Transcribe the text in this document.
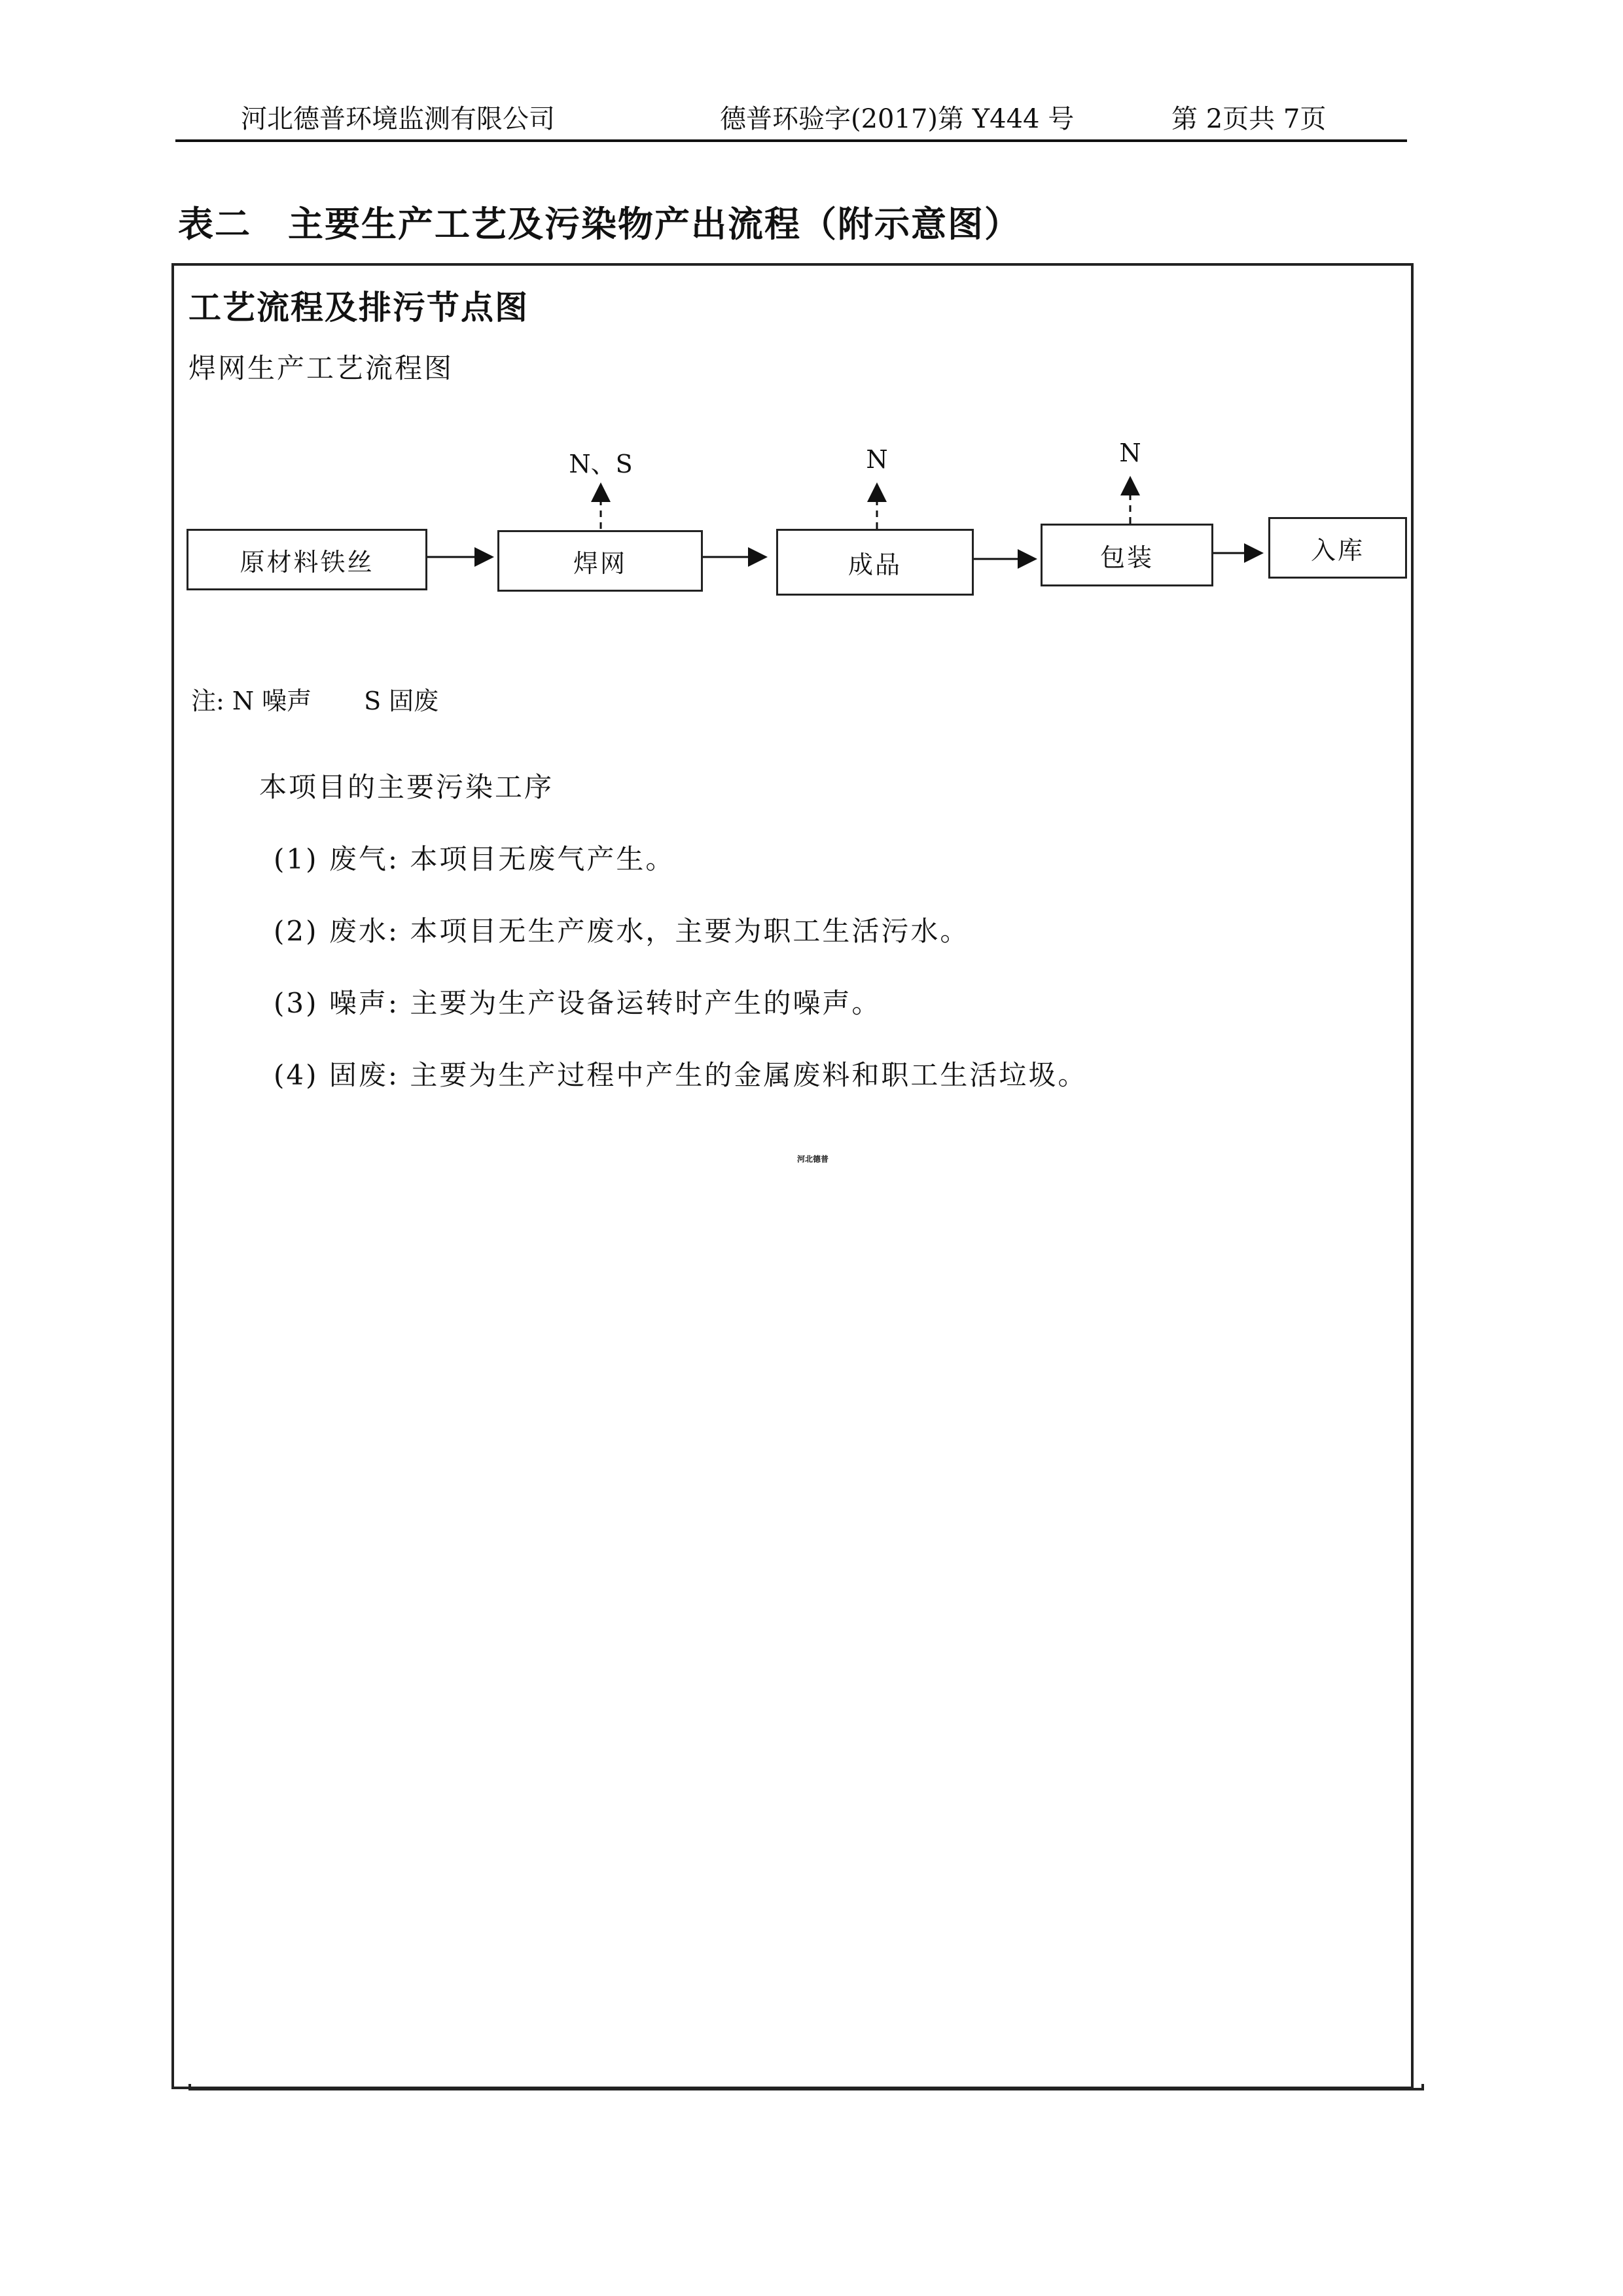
河北德普环境监测有限公司	德普环验字(2017)第 Y444 号	第 2页共 7页
表二　主要生产工艺及污染物产出流程（附示意图）
工艺流程及排污节点图
焊网生产工艺流程图
原材料铁丝	焊网	成品	包装	入库
N、S	N	N
注: N 噪声 S 固废
本项目的主要污染工序
(1) 废气: 本项目无废气产生。
(2) 废水: 本项目无生产废水，主要为职工生活污水。
(3) 噪声: 主要为生产设备运转时产生的噪声。
(4) 固废: 主要为生产过程中产生的金属废料和职工生活垃圾。
河北德普
